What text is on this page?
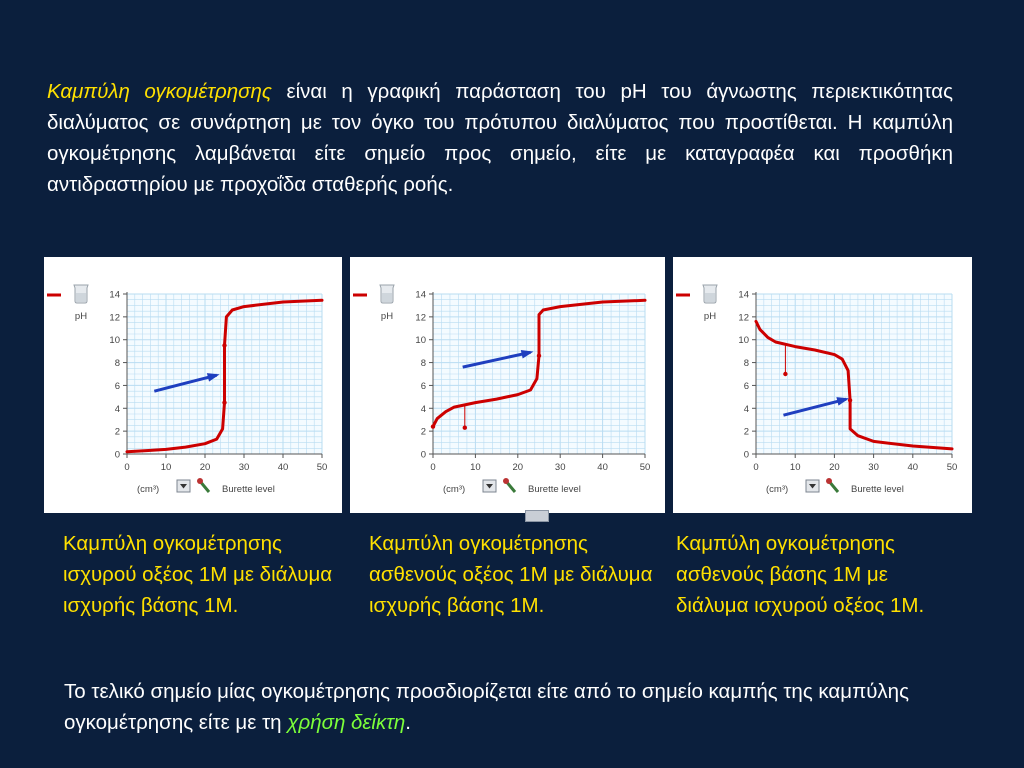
Καμπύλη ογκομέτρησης είναι η γραφική παράσταση του pH του άγνωστης περιεκτικότητας διαλύματος σε συνάρτηση με τον όγκο του πρότυπου διαλύματος που προστίθεται. Η καμπύλη ογκομέτρησης λαμβάνεται είτε σημείο προς σημείο, είτε με καταγραφέα και προσθήκη αντιδραστηρίου με προχοΐδα σταθερής ροής.

0
2
4
6
8
10
12
14
0	10	20	30	40	50
pH
(cm³)	Burette level
0
2
4
6
8
10
12
14
0	10	20	30	40	50
pH
(cm³)	Burette level
0
2
4
6
8
10
12
14
0	10	20	30	40	50
pH
(cm³)	Burette level

Καμπύλη ογκομέτρησης ισχυρού οξέος 1Μ με διάλυμα ισχυρής βάσης 1Μ.

Καμπύλη ογκομέτρησης ασθενούς οξέος 1Μ με διάλυμα ισχυρής βάσης 1Μ.

Καμπύλη ογκομέτρησης ασθενούς βάσης 1Μ με διάλυμα ισχυρού οξέος 1Μ.

Το τελικό σημείο μίας ογκομέτρησης προσδιορίζεται είτε από το σημείο καμπής της καμπύλης ογκομέτρησης είτε με τη χρήση δείκτη.
